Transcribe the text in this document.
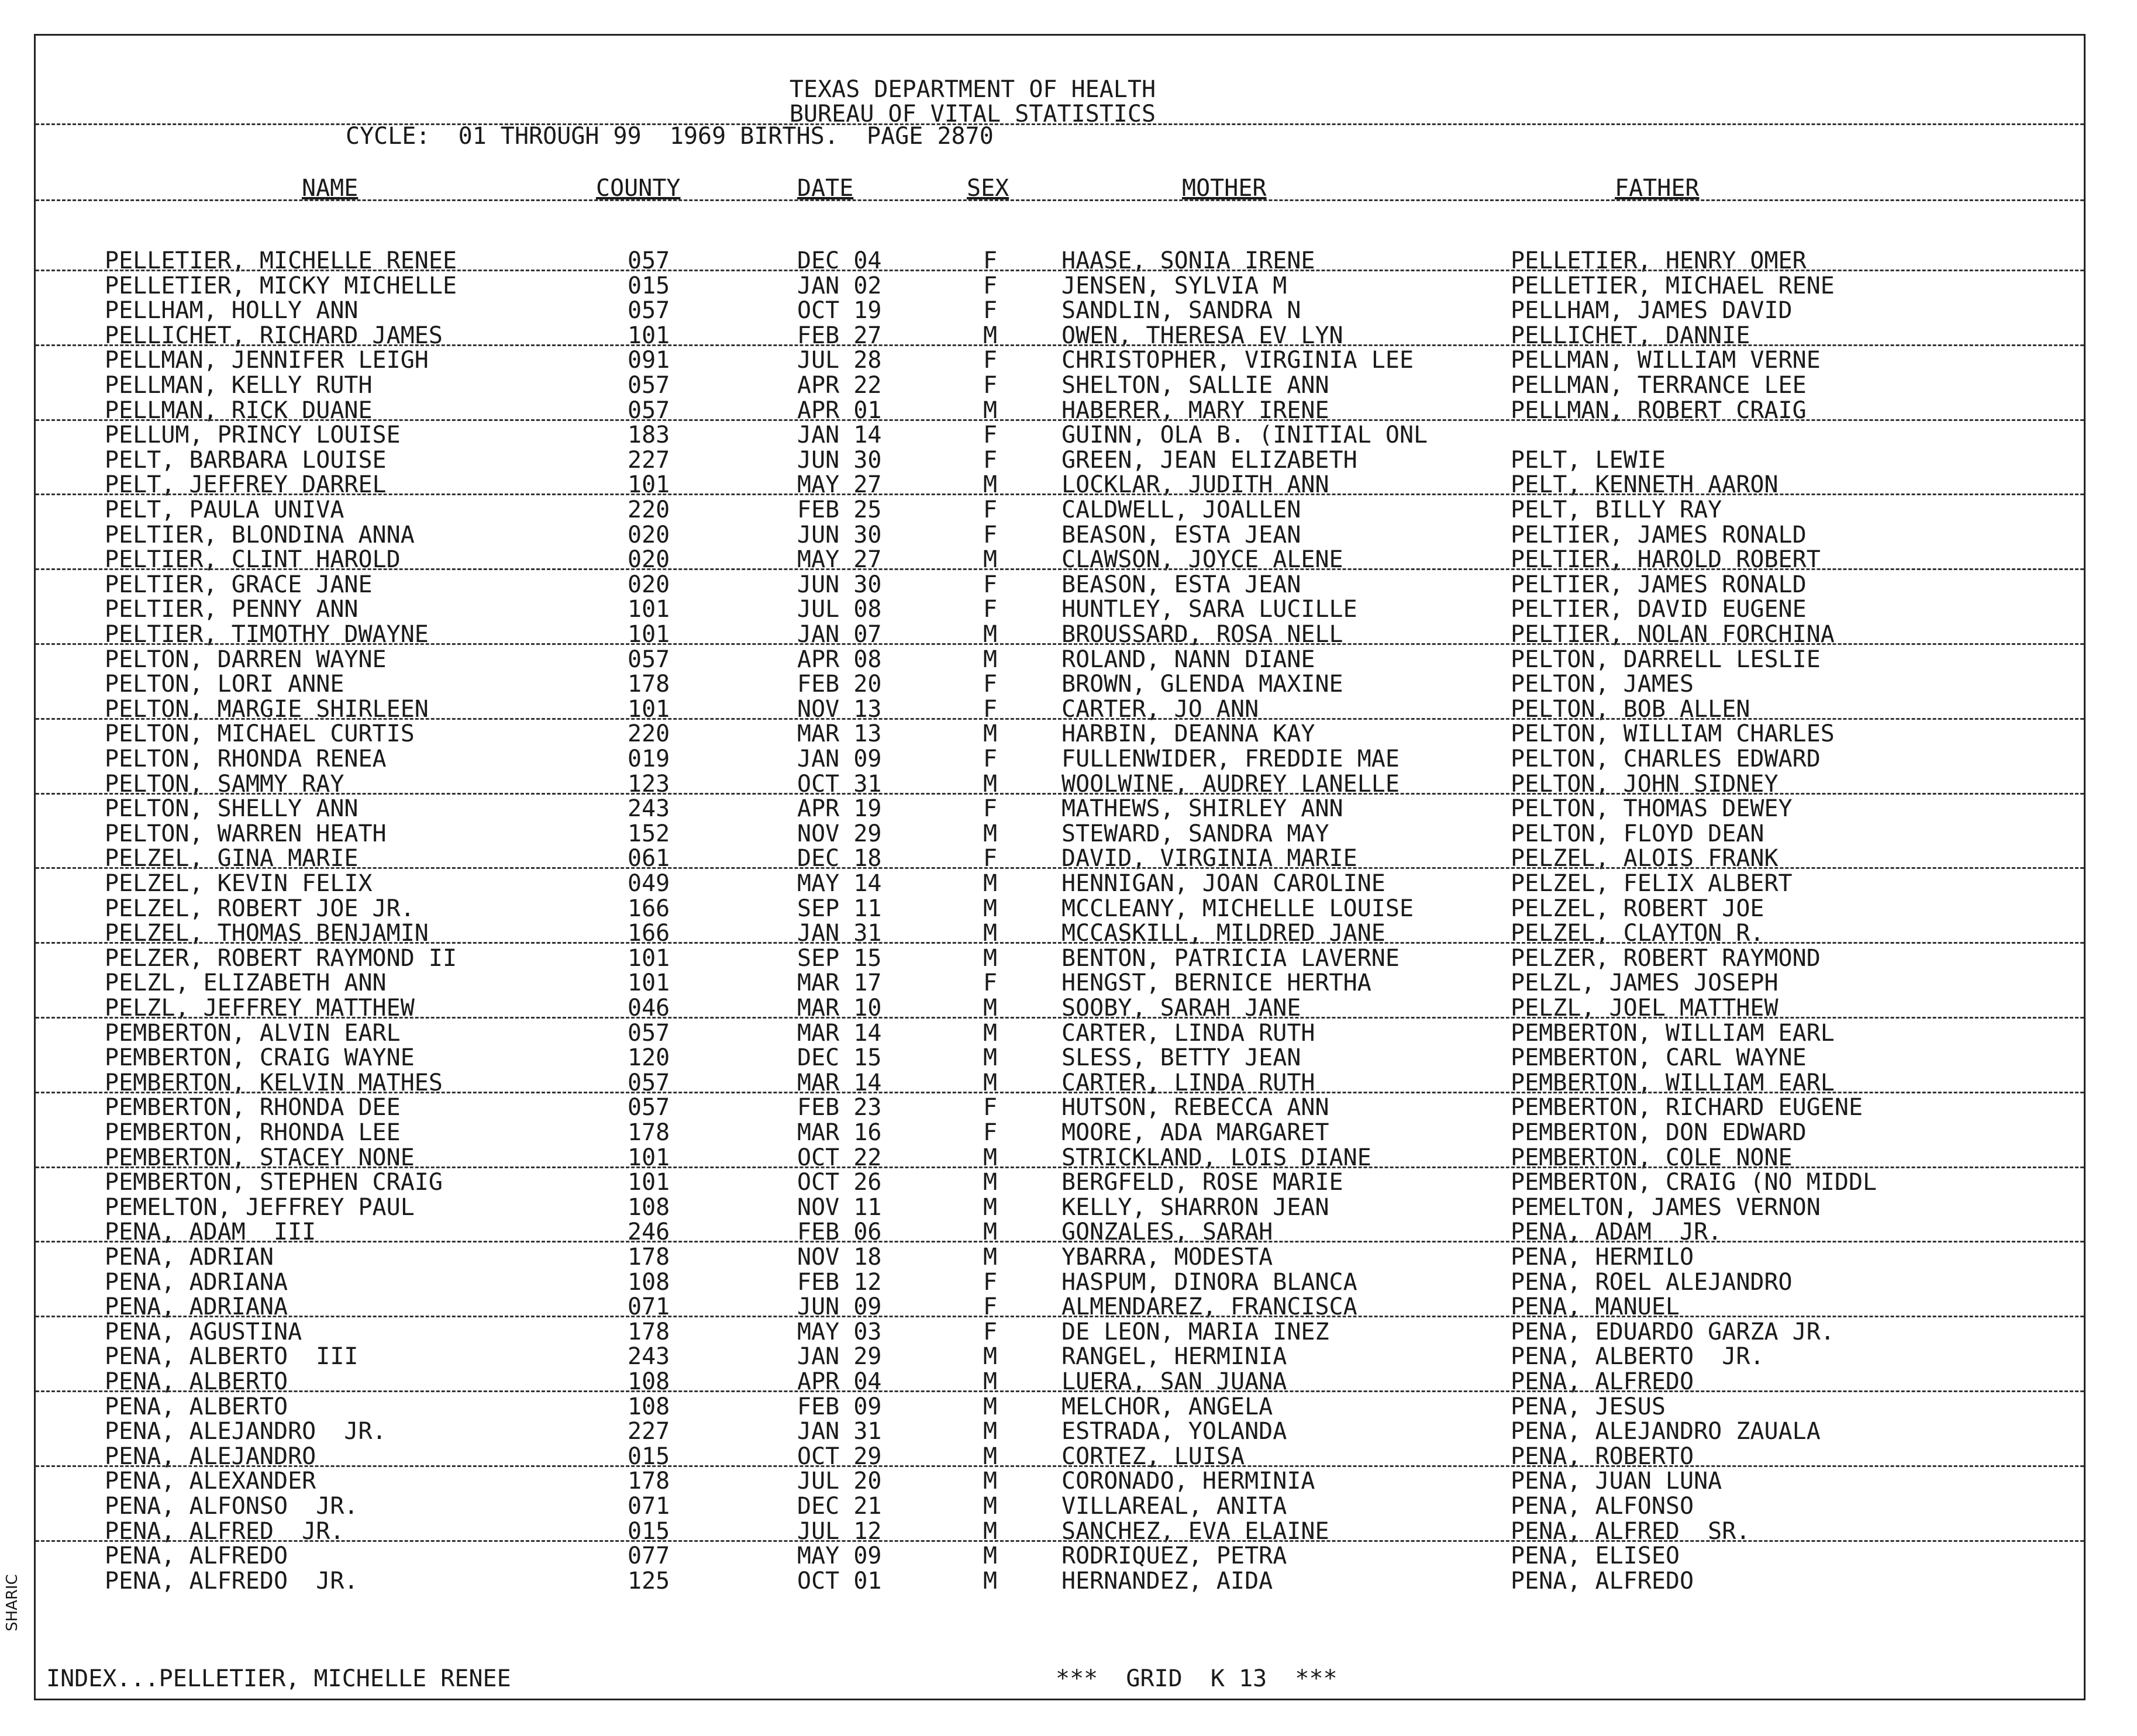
TEXAS DEPARTMENT OF HEALTH
BUREAU OF VITAL STATISTICS
CYCLE:  01 THROUGH 99  1969 BIRTHS.  PAGE 2870
NAME	COUNTY	DATE	SEX	MOTHER	FATHER
PELLETIER, MICHELLE RENEE	057	DEC 04	F	HAASE, SONIA IRENE	PELLETIER, HENRY OMER
PELLETIER, MICKY MICHELLE	015	JAN 02	F	JENSEN, SYLVIA M	PELLETIER, MICHAEL RENE
PELLHAM, HOLLY ANN	057	OCT 19	F	SANDLIN, SANDRA N	PELLHAM, JAMES DAVID
PELLICHET, RICHARD JAMES	101	FEB 27	M	OWEN, THERESA EV LYN	PELLICHET, DANNIE
PELLMAN, JENNIFER LEIGH	091	JUL 28	F	CHRISTOPHER, VIRGINIA LEE	PELLMAN, WILLIAM VERNE
PELLMAN, KELLY RUTH	057	APR 22	F	SHELTON, SALLIE ANN	PELLMAN, TERRANCE LEE
PELLMAN, RICK DUANE	057	APR 01	M	HABERER, MARY IRENE	PELLMAN, ROBERT CRAIG
PELLUM, PRINCY LOUISE	183	JAN 14	F	GUINN, OLA B. (INITIAL ONL
PELT, BARBARA LOUISE	227	JUN 30	F	GREEN, JEAN ELIZABETH	PELT, LEWIE
PELT, JEFFREY DARREL	101	MAY 27	M	LOCKLAR, JUDITH ANN	PELT, KENNETH AARON
PELT, PAULA UNIVA	220	FEB 25	F	CALDWELL, JOALLEN	PELT, BILLY RAY
PELTIER, BLONDINA ANNA	020	JUN 30	F	BEASON, ESTA JEAN	PELTIER, JAMES RONALD
PELTIER, CLINT HAROLD	020	MAY 27	M	CLAWSON, JOYCE ALENE	PELTIER, HAROLD ROBERT
PELTIER, GRACE JANE	020	JUN 30	F	BEASON, ESTA JEAN	PELTIER, JAMES RONALD
PELTIER, PENNY ANN	101	JUL 08	F	HUNTLEY, SARA LUCILLE	PELTIER, DAVID EUGENE
PELTIER, TIMOTHY DWAYNE	101	JAN 07	M	BROUSSARD, ROSA NELL	PELTIER, NOLAN FORCHINA
PELTON, DARREN WAYNE	057	APR 08	M	ROLAND, NANN DIANE	PELTON, DARRELL LESLIE
PELTON, LORI ANNE	178	FEB 20	F	BROWN, GLENDA MAXINE	PELTON, JAMES
PELTON, MARGIE SHIRLEEN	101	NOV 13	F	CARTER, JO ANN	PELTON, BOB ALLEN
PELTON, MICHAEL CURTIS	220	MAR 13	M	HARBIN, DEANNA KAY	PELTON, WILLIAM CHARLES
PELTON, RHONDA RENEA	019	JAN 09	F	FULLENWIDER, FREDDIE MAE	PELTON, CHARLES EDWARD
PELTON, SAMMY RAY	123	OCT 31	M	WOOLWINE, AUDREY LANELLE	PELTON, JOHN SIDNEY
PELTON, SHELLY ANN	243	APR 19	F	MATHEWS, SHIRLEY ANN	PELTON, THOMAS DEWEY
PELTON, WARREN HEATH	152	NOV 29	M	STEWARD, SANDRA MAY	PELTON, FLOYD DEAN
PELZEL, GINA MARIE	061	DEC 18	F	DAVID, VIRGINIA MARIE	PELZEL, ALOIS FRANK
PELZEL, KEVIN FELIX	049	MAY 14	M	HENNIGAN, JOAN CAROLINE	PELZEL, FELIX ALBERT
PELZEL, ROBERT JOE JR.	166	SEP 11	M	MCCLEANY, MICHELLE LOUISE	PELZEL, ROBERT JOE
PELZEL, THOMAS BENJAMIN	166	JAN 31	M	MCCASKILL, MILDRED JANE	PELZEL, CLAYTON R.
PELZER, ROBERT RAYMOND II	101	SEP 15	M	BENTON, PATRICIA LAVERNE	PELZER, ROBERT RAYMOND
PELZL, ELIZABETH ANN	101	MAR 17	F	HENGST, BERNICE HERTHA	PELZL, JAMES JOSEPH
PELZL, JEFFREY MATTHEW	046	MAR 10	M	SOOBY, SARAH JANE	PELZL, JOEL MATTHEW
PEMBERTON, ALVIN EARL	057	MAR 14	M	CARTER, LINDA RUTH	PEMBERTON, WILLIAM EARL
PEMBERTON, CRAIG WAYNE	120	DEC 15	M	SLESS, BETTY JEAN	PEMBERTON, CARL WAYNE
PEMBERTON, KELVIN MATHES	057	MAR 14	M	CARTER, LINDA RUTH	PEMBERTON, WILLIAM EARL
PEMBERTON, RHONDA DEE	057	FEB 23	F	HUTSON, REBECCA ANN	PEMBERTON, RICHARD EUGENE
PEMBERTON, RHONDA LEE	178	MAR 16	F	MOORE, ADA MARGARET	PEMBERTON, DON EDWARD
PEMBERTON, STACEY NONE	101	OCT 22	M	STRICKLAND, LOIS DIANE	PEMBERTON, COLE NONE
PEMBERTON, STEPHEN CRAIG	101	OCT 26	M	BERGFELD, ROSE MARIE	PEMBERTON, CRAIG (NO MIDDL
PEMELTON, JEFFREY PAUL	108	NOV 11	M	KELLY, SHARRON JEAN	PEMELTON, JAMES VERNON
PENA, ADAM  III	246	FEB 06	M	GONZALES, SARAH	PENA, ADAM  JR.
PENA, ADRIAN	178	NOV 18	M	YBARRA, MODESTA	PENA, HERMILO
PENA, ADRIANA	108	FEB 12	F	HASPUM, DINORA BLANCA	PENA, ROEL ALEJANDRO
PENA, ADRIANA	071	JUN 09	F	ALMENDAREZ, FRANCISCA	PENA, MANUEL
PENA, AGUSTINA	178	MAY 03	F	DE LEON, MARIA INEZ	PENA, EDUARDO GARZA JR.
PENA, ALBERTO  III	243	JAN 29	M	RANGEL, HERMINIA	PENA, ALBERTO  JR.
PENA, ALBERTO	108	APR 04	M	LUERA, SAN JUANA	PENA, ALFREDO
PENA, ALBERTO	108	FEB 09	M	MELCHOR, ANGELA	PENA, JESUS
PENA, ALEJANDRO  JR.	227	JAN 31	M	ESTRADA, YOLANDA	PENA, ALEJANDRO ZAUALA
PENA, ALEJANDRO	015	OCT 29	M	CORTEZ, LUISA	PENA, ROBERTO
PENA, ALEXANDER	178	JUL 20	M	CORONADO, HERMINIA	PENA, JUAN LUNA
PENA, ALFONSO  JR.	071	DEC 21	M	VILLAREAL, ANITA	PENA, ALFONSO
PENA, ALFRED  JR.	015	JUL 12	M	SANCHEZ, EVA ELAINE	PENA, ALFRED  SR.
PENA, ALFREDO	077	MAY 09	M	RODRIQUEZ, PETRA	PENA, ELISEO
PENA, ALFREDO  JR.	125	OCT 01	M	HERNANDEZ, AIDA	PENA, ALFREDO
INDEX...PELLETIER, MICHELLE RENEE	***  GRID  K 13  ***
SHARIC
